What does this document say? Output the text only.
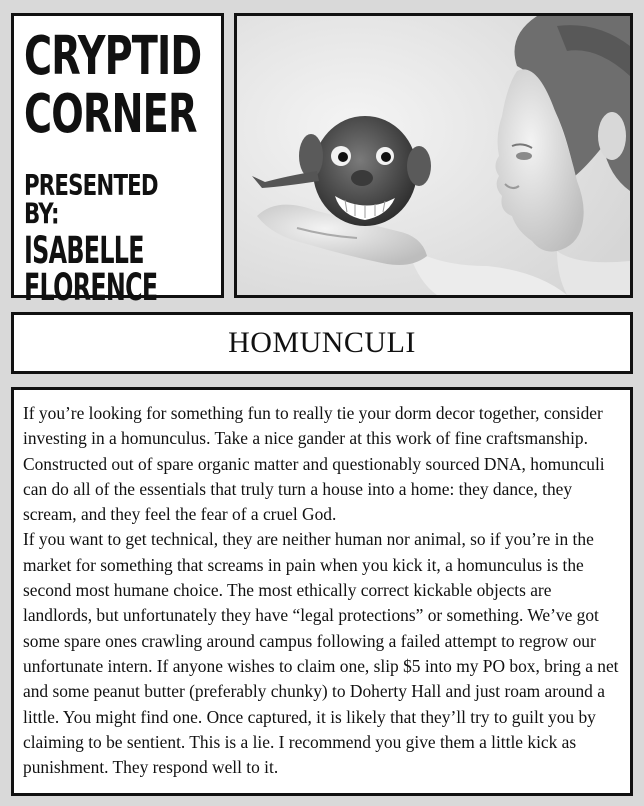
CRYPTID
CORNER
PRESENTED BY:
ISABELLE
FLORENCE
HOMUNCULI

If you’re looking for something fun to really tie your dorm decor together, consider investing in a homunculus. Take a nice gander at this work of fine craftsmanship. Constructed out of spare organic matter and questionably sourced DNA, homunculi can do all of the essentials that truly turn a house into a home: they dance, they scream, and they feel the fear of a cruel God.

If you want to get technical, they are neither human nor animal, so if you’re in the market for something that screams in pain when you kick it, a homunculus is the second most humane choice. The most ethically correct kickable objects are landlords, but unfortunately they have “legal protections” or something. We’ve got some spare ones crawling around campus following a failed attempt to regrow our unfortunate intern. If anyone wishes to claim one, slip $5 into my PO box, bring a net and some peanut butter (preferably chunky) to Doherty Hall and just roam around a little. You might find one. Once captured, it is likely that they’ll try to guilt you by claiming to be sentient. This is a lie. I recommend you give them a little kick as punishment. They respond well to it.
